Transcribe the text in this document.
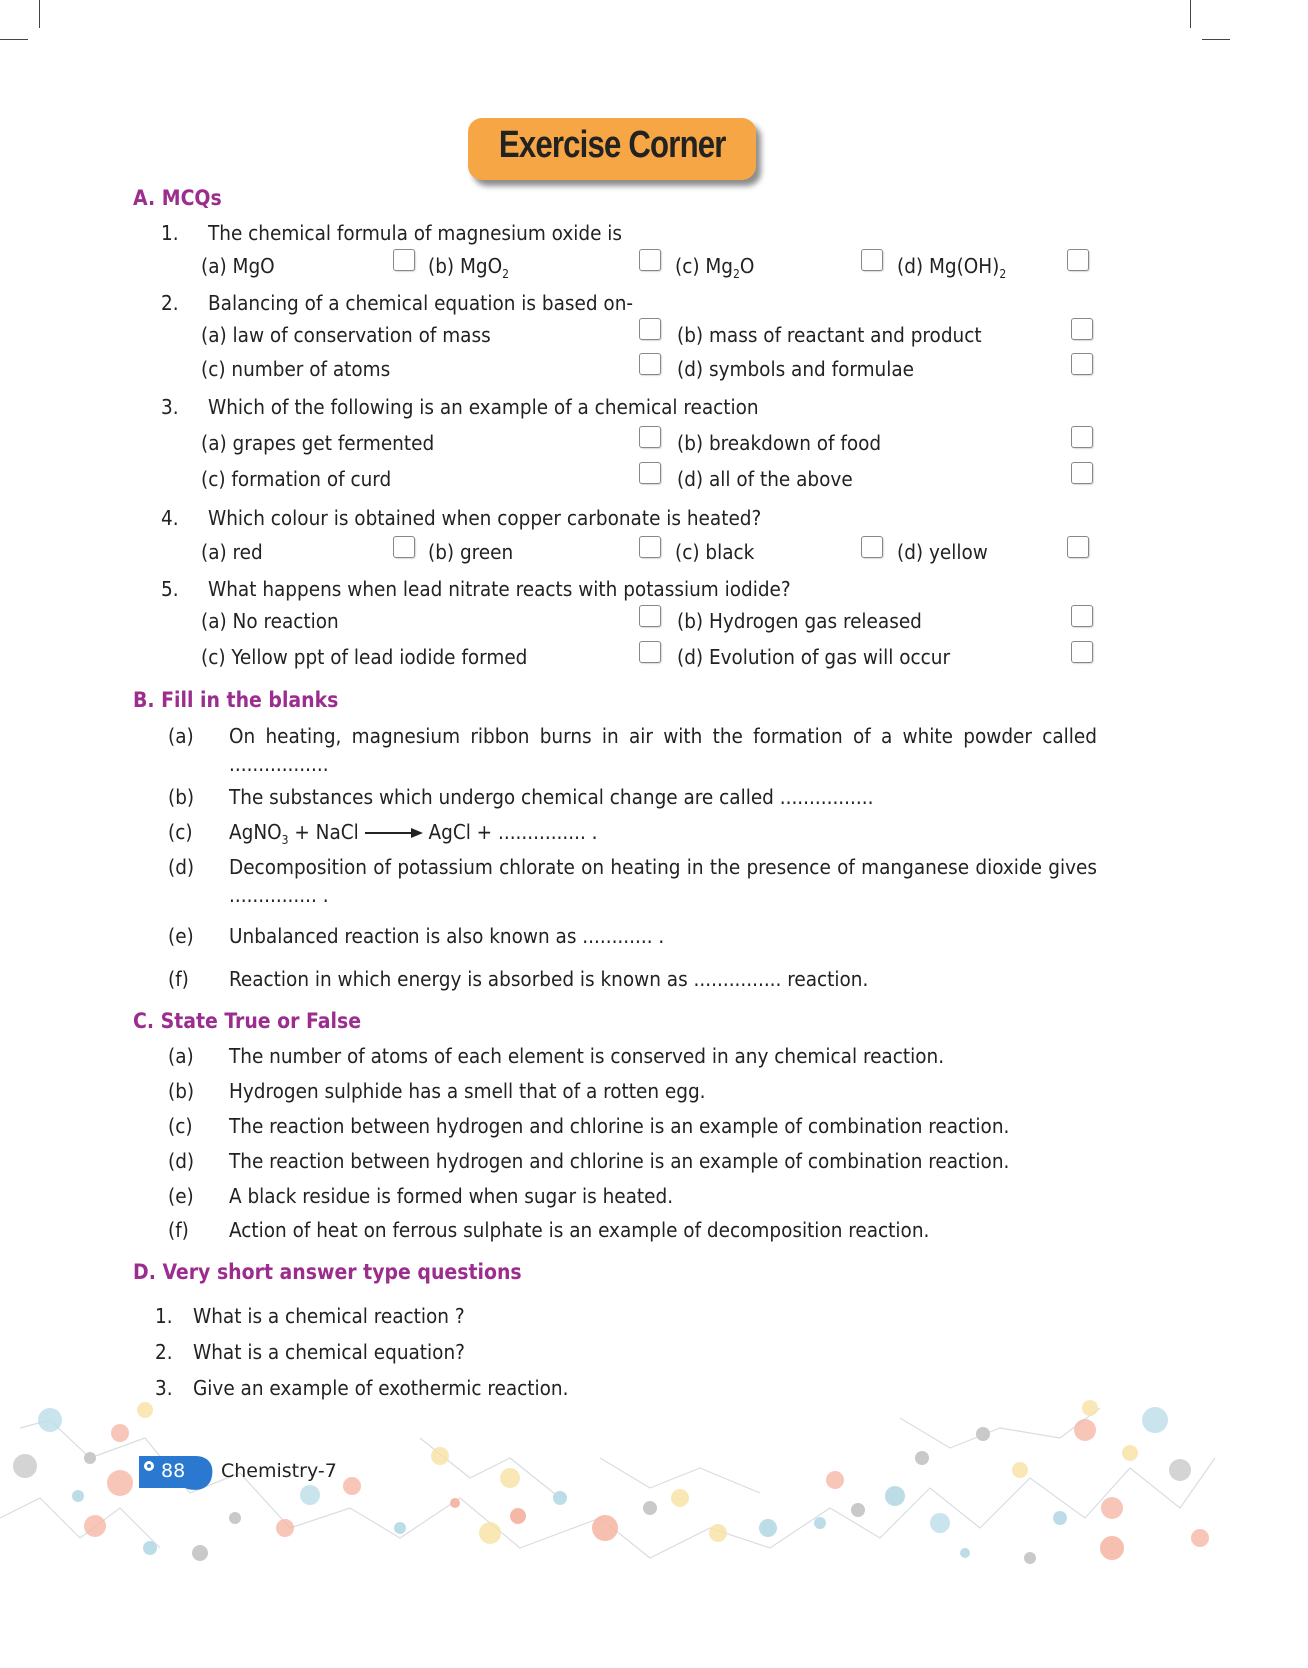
Exercise Corner
A. MCQs
1. The chemical formula of magnesium oxide is
(a) MgO	(b) MgO$_2$	(c) $Mg_2O$	(d) $Mg(OH)_2$
2. Balancing of a chemical equation is based on-
(a) law of conservation of mass	(b) mass of reactant and product
(c) number of atoms	(d) symbols and formulae
3. Which of the following is an example of a chemical reaction
(a) grapes get fermented	(b) breakdown of food
(c) formation of curd	(d) all of the above
4. Which colour is obtained when copper carbonate is heated?
(a) red	(b) green	(c) black	(d) yellow
5. What happens when lead nitrate reacts with potassium iodide?
(a) No reaction	(b) Hydrogen gas released
(c) Yellow ppt of lead iodide formed	(d) Evolution of gas will occur
B. Fill in the blanks
(a) On heating, magnesium ribbon burns in air with the formation of a white powder called
.................
(b) The substances which undergo chemical change are called ................
(c) AgNO$_3$ + NaCl	AgCl + ............... .
(d) Decomposition of potassium chlorate on heating in the presence of manganese dioxide gives
............... .
(e) Unbalanced reaction is also known as ............ .
(f) Reaction in which energy is absorbed is known as ............... reaction.
C. State True or False
(a) The number of atoms of each element is conserved in any chemical reaction.
(b) Hydrogen sulphide has a smell that of a rotten egg.
(c) The reaction between hydrogen and chlorine is an example of combination reaction.
(d) The reaction between hydrogen and chlorine is an example of combination reaction.
(e) A black residue is formed when sugar is heated.
(f) Action of heat on ferrous sulphate is an example of decomposition reaction.
D. Very short answer type questions
1. What is a chemical reaction ?
2. What is a chemical equation?
3. Give an example of exothermic reaction.
88 Chemistry-7
